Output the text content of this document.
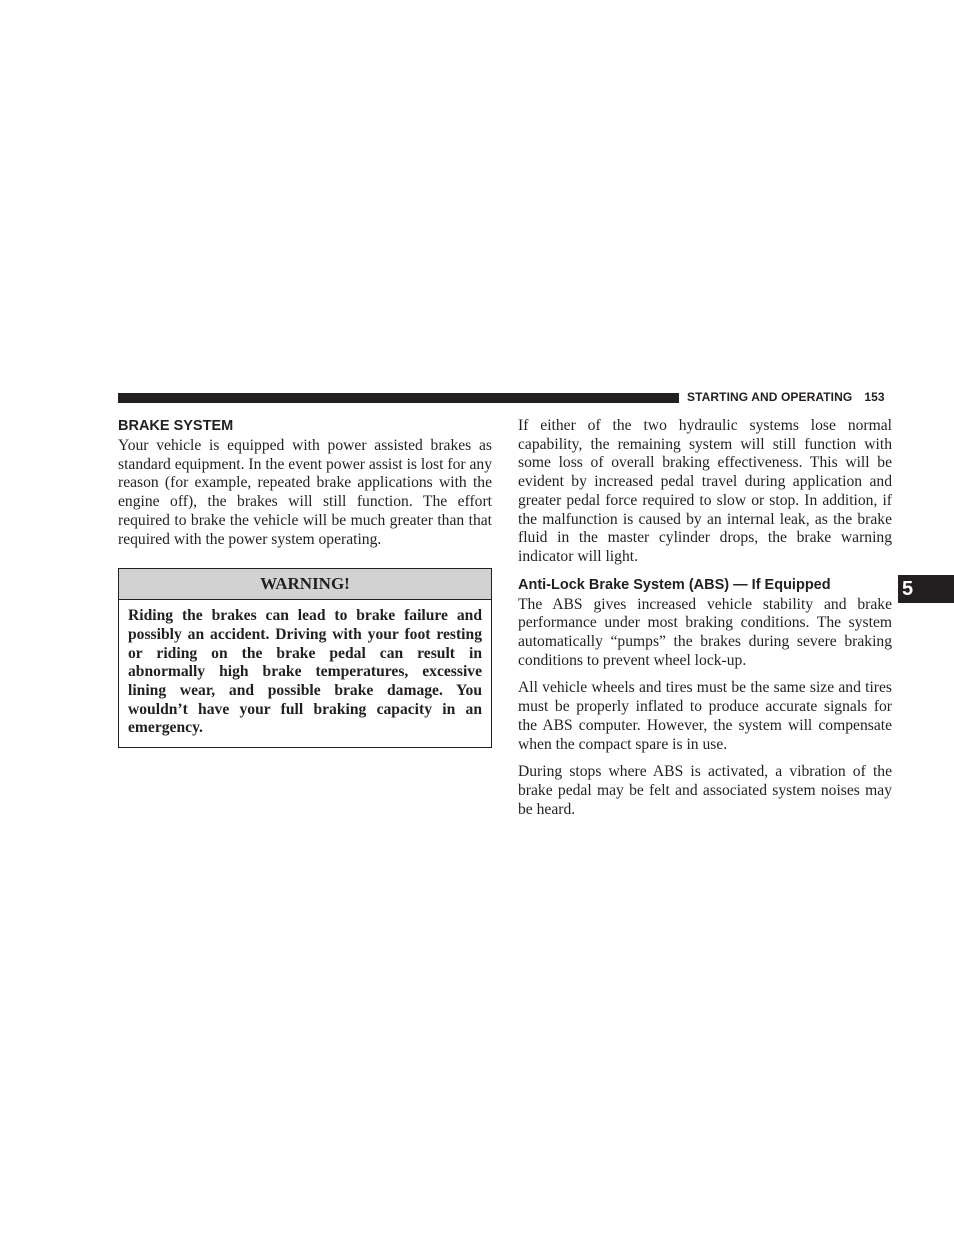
STARTING AND OPERATING 153
BRAKE SYSTEM

Your vehicle is equipped with power assisted brakes as standard equipment. In the event power assist is lost for any reason (for example, repeated brake applications with the engine off), the brakes will still function. The effort required to brake the vehicle will be much greater than that required with the power system operating.

WARNING!
Riding the brakes can lead to brake failure and possibly an accident. Driving with your foot resting or riding on the brake pedal can result in abnormally high brake temperatures, excessive lining wear, and possible brake damage. You wouldn’t have your full braking capacity in an emergency.

If either of the two hydraulic systems lose normal capability, the remaining system will still function with some loss of overall braking effectiveness. This will be evident by increased pedal travel during application and greater pedal force required to slow or stop. In addition, if the malfunction is caused by an internal leak, as the brake fluid in the master cylinder drops, the brake warning indicator will light.

Anti-Lock Brake System (ABS) — If Equipped

The ABS gives increased vehicle stability and brake performance under most braking conditions. The system automatically “pumps” the brakes during severe braking conditions to prevent wheel lock-up.

All vehicle wheels and tires must be the same size and tires must be properly inflated to produce accurate signals for the ABS computer. However, the system will compensate when the compact spare is in use.

During stops where ABS is activated, a vibration of the brake pedal may be felt and associated system noises may be heard.

5
